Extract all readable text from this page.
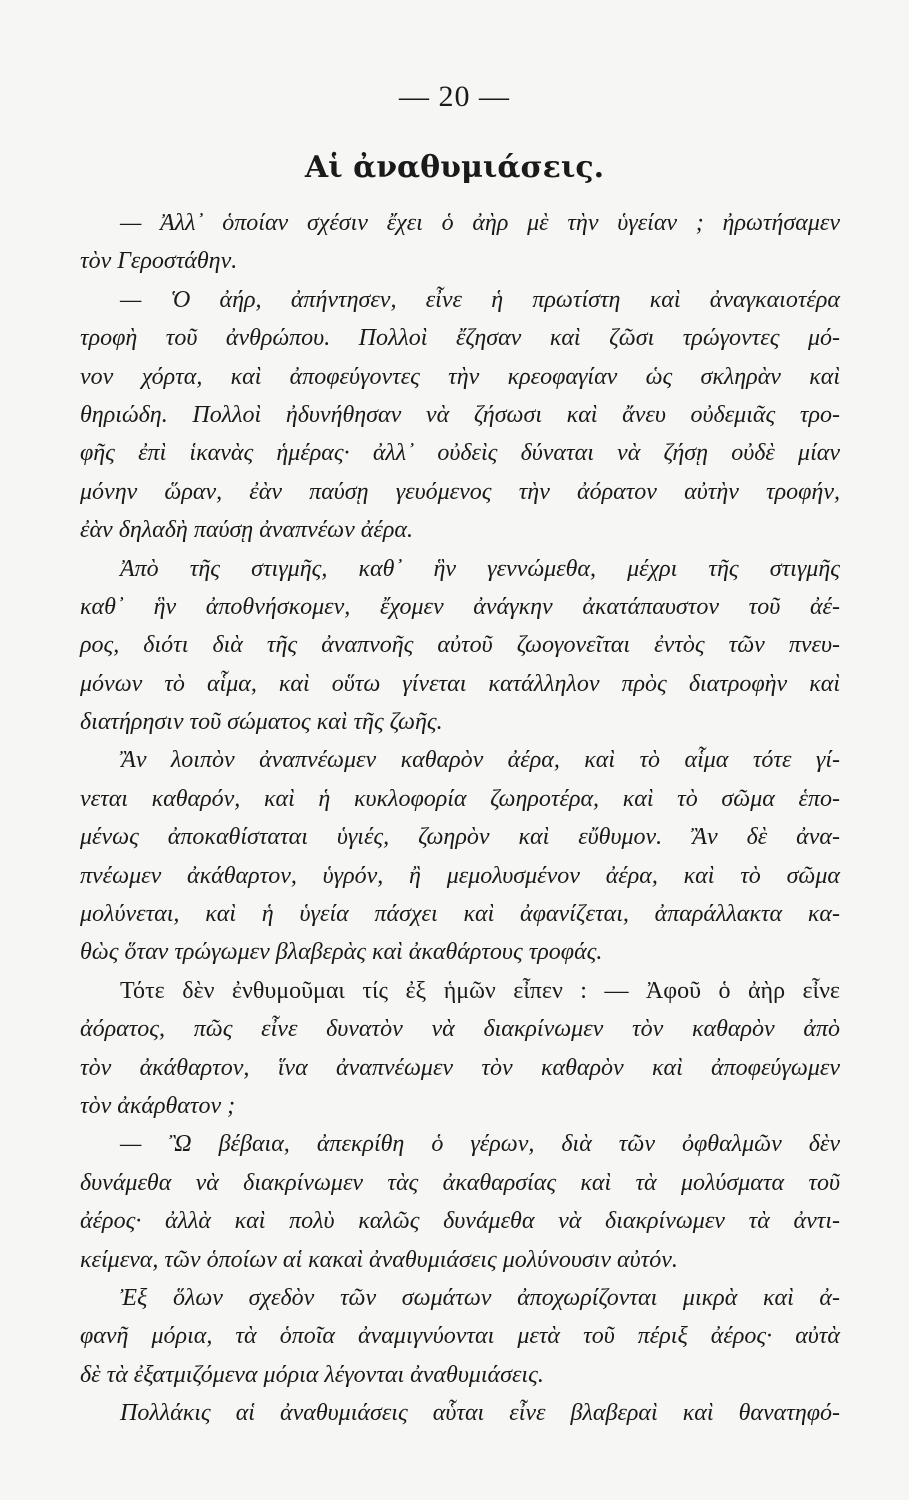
— 20 —
Αἱ ἀναθυμιάσεις.
— Ἀλλ᾽ ὁποίαν σχέσιν ἔχει ὁ ἀὴρ μὲ τὴν ὑγείαν ; ἠρωτήσαμεν
τὸν Γεροστάθην.
— Ὁ ἀήρ, ἀπήντησεν, εἶνε ἡ πρωτίστη καὶ ἀναγκαιοτέρα
τροφὴ τοῦ ἀνθρώπου. Πολλοὶ ἔζησαν καὶ ζῶσι τρώγοντες μό-
νον χόρτα, καὶ ἀποφεύγοντες τὴν κρεοφαγίαν ὡς σκληρὰν καὶ
θηριώδη. Πολλοὶ ἠδυνήθησαν νὰ ζήσωσι καὶ ἄνευ οὐδεμιᾶς τρο-
φῆς ἐπὶ ἱκανὰς ἡμέρας· ἀλλ᾽ οὐδεὶς δύναται νὰ ζήσῃ οὐδὲ μίαν
μόνην ὥραν, ἐὰν παύσῃ γευόμενος τὴν ἀόρατον αὐτὴν τροφήν,
ἐὰν δηλαδὴ παύσῃ ἀναπνέων ἀέρα.
Ἀπὸ τῆς στιγμῆς, καθ᾽ ἣν γεννώμεθα, μέχρι τῆς στιγμῆς
καθ᾽ ἣν ἀποθνήσκομεν, ἔχομεν ἀνάγκην ἀκατάπαυστον τοῦ ἀέ-
ρος, διότι διὰ τῆς ἀναπνοῆς αὐτοῦ ζωογονεῖται ἐντὸς τῶν πνευ-
μόνων τὸ αἷμα, καὶ οὕτω γίνεται κατάλληλον πρὸς διατροφὴν καὶ
διατήρησιν τοῦ σώματος καὶ τῆς ζωῆς.
Ἂν λοιπὸν ἀναπνέωμεν καθαρὸν ἀέρα, καὶ τὸ αἷμα τότε γί-
νεται καθαρόν, καὶ ἡ κυκλοφορία ζωηροτέρα, καὶ τὸ σῶμα ἑπο-
μένως ἀποκαθίσταται ὑγιές, ζωηρὸν καὶ εὔθυμον. Ἂν δὲ ἀνα-
πνέωμεν ἀκάθαρτον, ὑγρόν, ἢ μεμολυσμένον ἀέρα, καὶ τὸ σῶμα
μολύνεται, καὶ ἡ ὑγεία πάσχει καὶ ἀφανίζεται, ἀπαράλλακτα κα-
θὼς ὅταν τρώγωμεν βλαβερὰς καὶ ἀκαθάρτους τροφάς.
Τότε δὲν ἐνθυμοῦμαι τίς ἐξ ἡμῶν εἶπεν : — Ἀφοῦ ὁ ἀὴρ εἶνε
ἀόρατος, πῶς εἶνε δυνατὸν νὰ διακρίνωμεν τὸν καθαρὸν ἀπὸ
τὸν ἀκάθαρτον, ἵνα ἀναπνέωμεν τὸν καθαρὸν καὶ ἀποφεύγωμεν
τὸν ἀκάρθατον ;
— Ὢ βέβαια, ἀπεκρίθη ὁ γέρων, διὰ τῶν ὀφθαλμῶν δὲν
δυνάμεθα νὰ διακρίνωμεν τὰς ἀκαθαρσίας καὶ τὰ μολύσματα τοῦ
ἀέρος· ἀλλὰ καὶ πολὺ καλῶς δυνάμεθα νὰ διακρίνωμεν τὰ ἀντι-
κείμενα, τῶν ὁποίων αἱ κακαὶ ἀναθυμιάσεις μολύνουσιν αὐτόν.
Ἐξ ὅλων σχεδὸν τῶν σωμάτων ἀποχωρίζονται μικρὰ καὶ ἀ-
φανῆ μόρια, τὰ ὁποῖα ἀναμιγνύονται μετὰ τοῦ πέριξ ἀέρος· αὐτὰ
δὲ τὰ ἐξατμιζόμενα μόρια λέγονται ἀναθυμιάσεις.
Πολλάκις αἱ ἀναθυμιάσεις αὗται εἶνε βλαβεραὶ καὶ θανατηφό-
